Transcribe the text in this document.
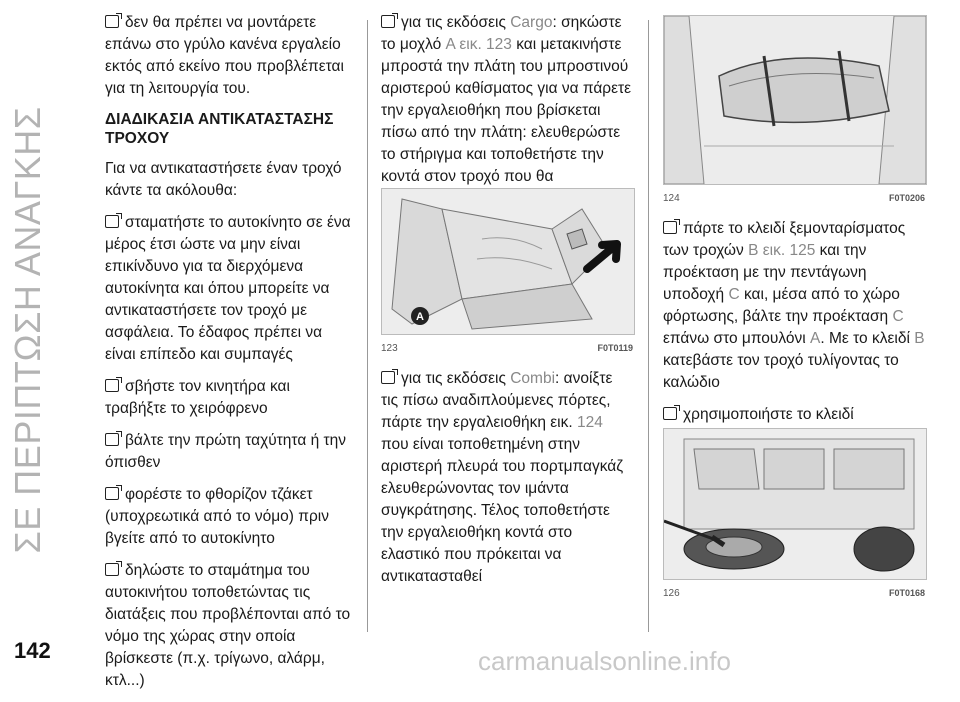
ΣΕ ΠΕΡΙΠΤΩΣΗ ΑΝΑΓΚΗΣ
142

δεν θα πρέπει να μοντάρετε επάνω στο γρύλο κανένα εργαλείο εκτός από εκείνο που προβλέπεται για τη λειτουργία του.

ΔΙΑΔΙΚΑΣΙΑ ΑΝΤΙΚΑΤΑΣΤΑΣΗΣ ΤΡΟΧΟΥ

Για να αντικαταστήσετε έναν τροχό κάντε τα ακόλουθα:

σταματήστε το αυτοκίνητο σε ένα μέρος έτσι ώστε να μην είναι επικίνδυνο για τα διερχόμενα αυτοκίνητα και όπου μπορείτε να αντικαταστήσετε τον τροχό με ασφάλεια. Το έδαφος πρέπει να είναι επίπεδο και συμπαγές

σβήστε τον κινητήρα και τραβήξτε το χειρόφρενο

βάλτε την πρώτη ταχύτητα ή την όπισθεν

φορέστε το φθορίζον τζάκετ (υποχρεωτικά από το νόμο) πριν βγείτε από το αυτοκίνητο

δηλώστε το σταμάτημα του αυτοκινήτου τοποθετώντας τις διατάξεις που προβλέπονται από το νόμο της χώρας στην οποία βρίσκεστε (π.χ. τρίγωνο, αλάρμ, κτλ...)

για τις εκδόσεις Cargo: σηκώστε το μοχλό A εικ. 123 και μετακινήστε μπροστά την πλάτη του μπροστινού αριστερού καθίσματος για να πάρετε την εργαλειοθήκη που βρίσκεται πίσω από την πλάτη: ελευθερώστε το στήριγμα και τοποθετήστε την κοντά στον τροχό που θα

A
123	F0T0119

για τις εκδόσεις Combi: ανοίξτε τις πίσω αναδιπλούμενες πόρτες, πάρτε την εργαλειοθήκη εικ. 124 που είναι τοποθετημένη στην αριστερή πλευρά του πορτμπαγκάζ ελευθερώνοντας τον ιμάντα συγκράτησης. Τέλος τοποθετήστε την εργαλειοθήκη κοντά στο ελαστικό που πρόκειται να αντικατασταθεί

124	F0T0206

πάρτε το κλειδί ξεμονταρίσματος των τροχών B εικ. 125 και την προέκταση με την πεντάγωνη υποδοχή C και, μέσα από το χώρο φόρτωσης, βάλτε την προέκταση C επάνω στο μπουλόνι A. Με το κλειδί B κατεβάστε τον τροχό τυλίγοντας το καλώδιο

χρησιμοποιήστε το κλειδί

126	F0T0168
carmanualsonline.info
